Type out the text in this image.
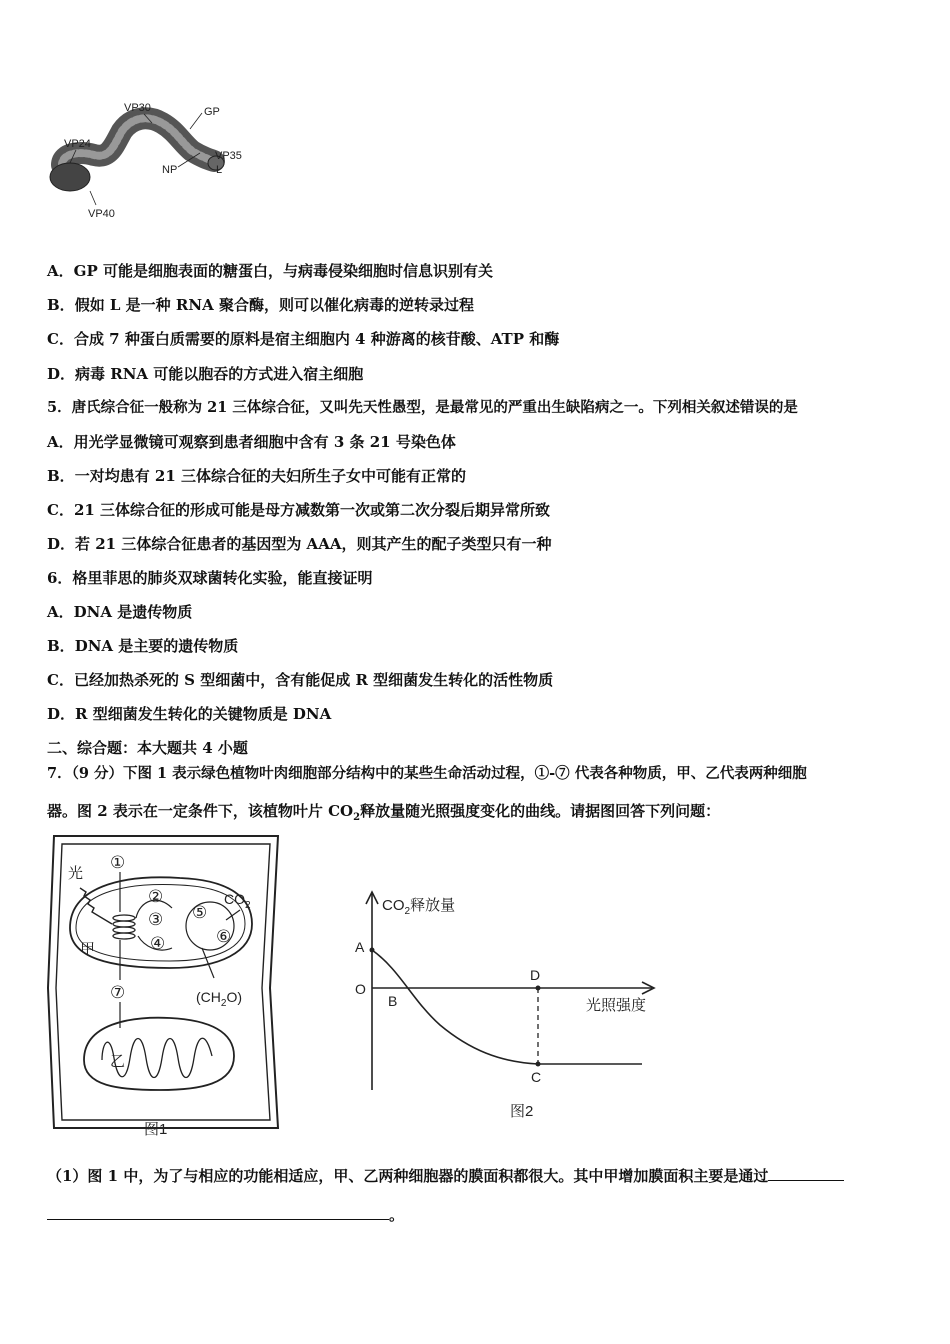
VP30	GP
VP24
VP35
NP	L
VP40
A．GP 可能是细胞表面的糖蛋白，与病毒侵染细胞时信息识别有关
B．假如 L 是一种 RNA 聚合酶，则可以催化病毒的逆转录过程
C．合成 7 种蛋白质需要的原料是宿主细胞内 4 种游离的核苷酸、ATP 和酶
D．病毒 RNA 可能以胞吞的方式进入宿主细胞
5．唐氏综合征一般称为 21 三体综合征，又叫先天性愚型，是最常见的严重出生缺陷病之一。下列相关叙述错误的是
A．用光学显微镜可观察到患者细胞中含有 3 条 21 号染色体
B．一对均患有 21 三体综合征的夫妇所生子女中可能有正常的
C．21 三体综合征的形成可能是母方减数第一次或第二次分裂后期异常所致
D．若 21 三体综合征患者的基因型为 AAA，则其产生的配子类型只有一种
6．格里菲思的肺炎双球菌转化实验，能直接证明
A．DNA 是遗传物质
B．DNA 是主要的遗传物质
C．已经加热杀死的 S 型细菌中，含有能促成 R 型细菌发生转化的活性物质
D．R 型细菌发生转化的关键物质是 DNA
二、综合题：本大题共 4 小题
7．（9 分）下图 1 表示绿色植物叶肉细胞部分结构中的某些生命活动过程，①-⑦ 代表各种物质，甲、乙代表两种细胞
器。图 2 表示在一定条件下，该植物叶片 $CO_2$释放量随光照强度变化的曲线。请据图回答下列问题：
光
甲
①
②
③
④
⑤
⑥
$CO_2$
$(CH_2O)$
⑦
乙
图1
$CO_2$释放量
光照强度
A
O
B
C
D
图2
（1）图 1 中，为了与相应的功能相适应，甲、乙两种细胞器的膜面积都很大。其中甲增加膜面积主要是通过
。
